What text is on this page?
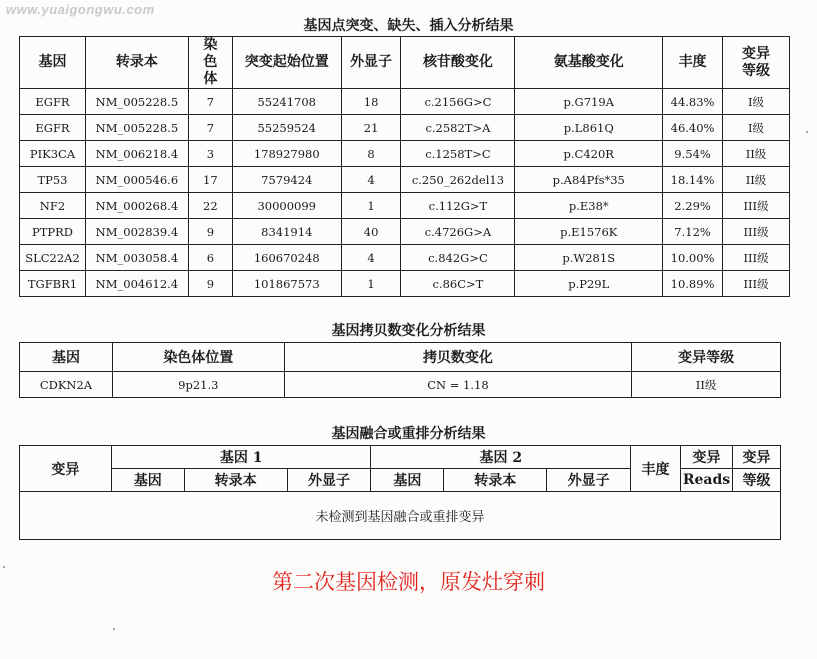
www.yuaigongwu.com
基因点突变、缺失、插入分析结果
基因	转录本	染色体	突变起始位置	外显子	核苷酸变化	氨基酸变化	丰度	变异等级
EGFR	NM_005228.5	7	55241708	18	c.2156G>C	p.G719A	44.83%	I级
EGFR	NM_005228.5	7	55259524	21	c.2582T>A	p.L861Q	46.40%	I级
PIK3CA	NM_006218.4	3	178927980	8	c.1258T>C	p.C420R	9.54%	II级
TP53	NM_000546.6	17	7579424	4	c.250_262del13	p.A84Pfs*35	18.14%	II级
NF2	NM_000268.4	22	30000099	1	c.112G>T	p.E38*	2.29%	III级
PTPRD	NM_002839.4	9	8341914	40	c.4726G>A	p.E1576K	7.12%	III级
SLC22A2	NM_003058.4	6	160670248	4	c.842G>C	p.W281S	10.00%	III级
TGFBR1	NM_004612.4	9	101867573	1	c.86C>T	p.P29L	10.89%	III级
基因拷贝数变化分析结果
基因	染色体位置	拷贝数变化	变异等级
CDKN2A	9p21.3	CN = 1.18	II级
基因融合或重排分析结果
变异	基因 1			基因 2			丰度	变异	变异
	基因	转录本	外显子	基因	转录本	外显子		Reads	等级
未检测到基因融合或重排变异									
第二次基因检测，原发灶穿刺
